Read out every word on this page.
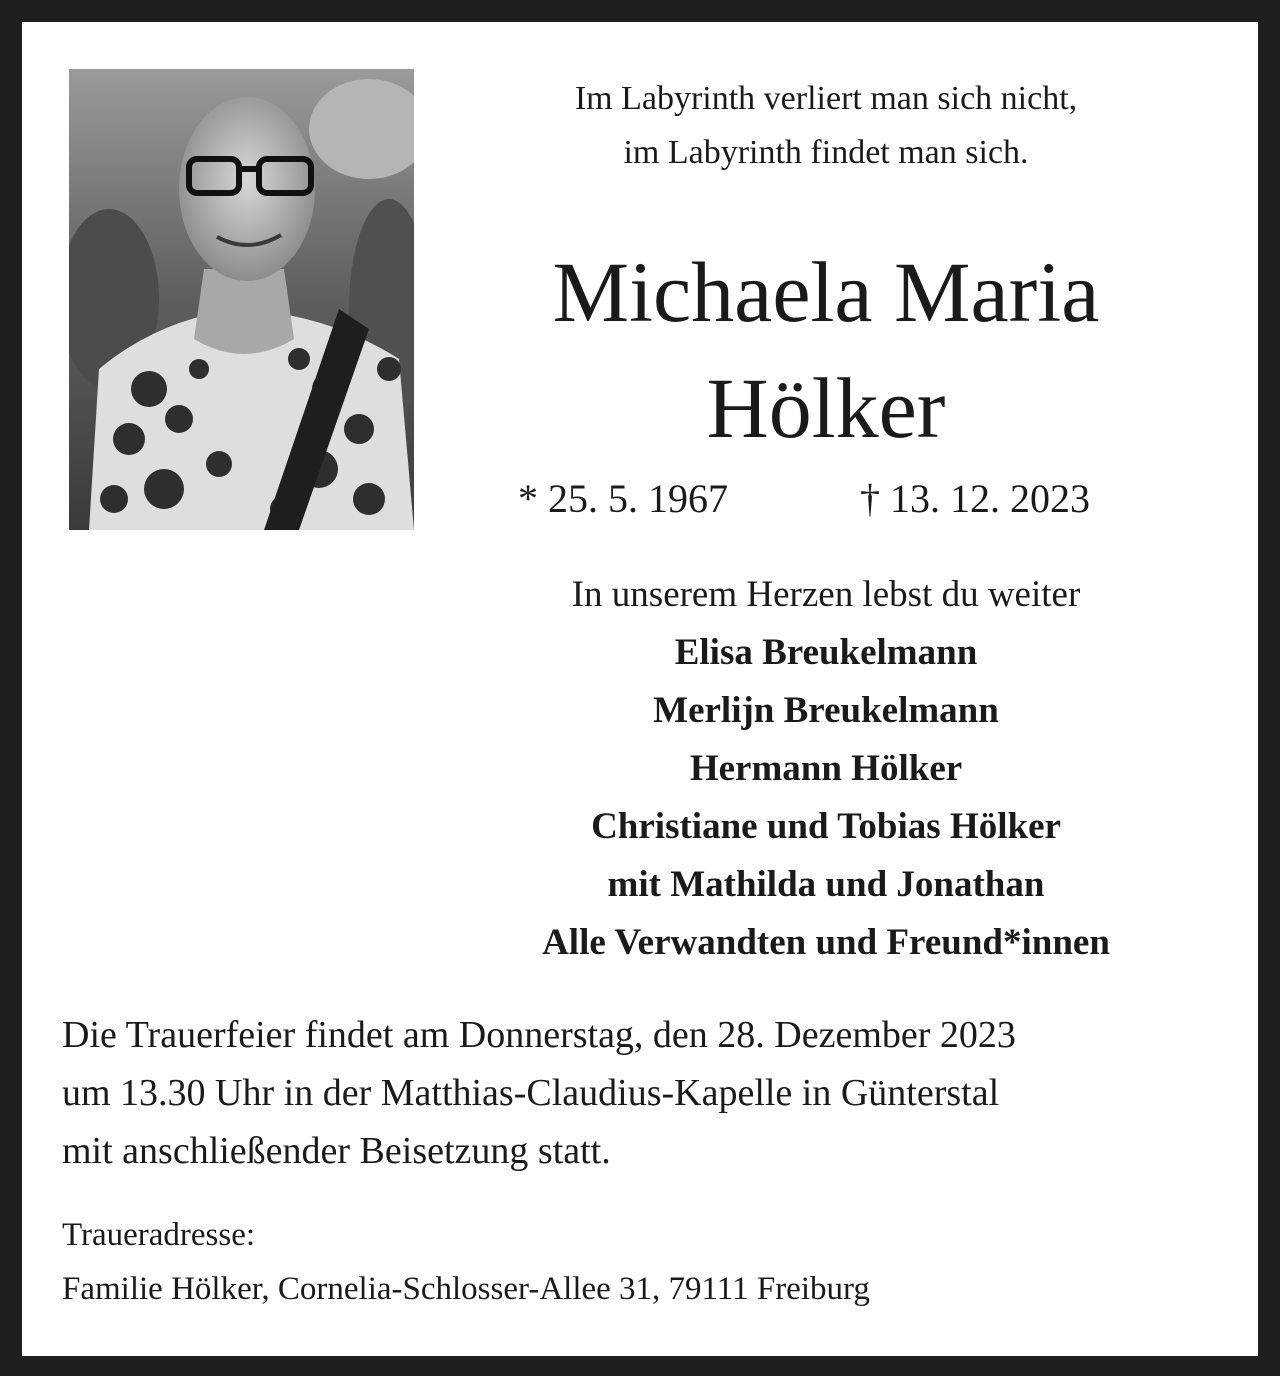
Im Labyrinth verliert man sich nicht,
im Labyrinth findet man sich.
Michaela Maria
Hölker
* 25. 5. 1967	† 13. 12. 2023
In unserem Herzen lebst du weiter
Elisa Breukelmann
Merlijn Breukelmann
Hermann Hölker
Christiane und Tobias Hölker
mit Mathilda und Jonathan
Alle Verwandten und Freund*innen
Die Trauerfeier findet am Donnerstag, den 28. Dezember 2023
um 13.30 Uhr in der Matthias-Claudius-Kapelle in Günterstal
mit anschließender Beisetzung statt.
Traueradresse:
Familie Hölker, Cornelia-Schlosser-Allee 31, 79111 Freiburg
